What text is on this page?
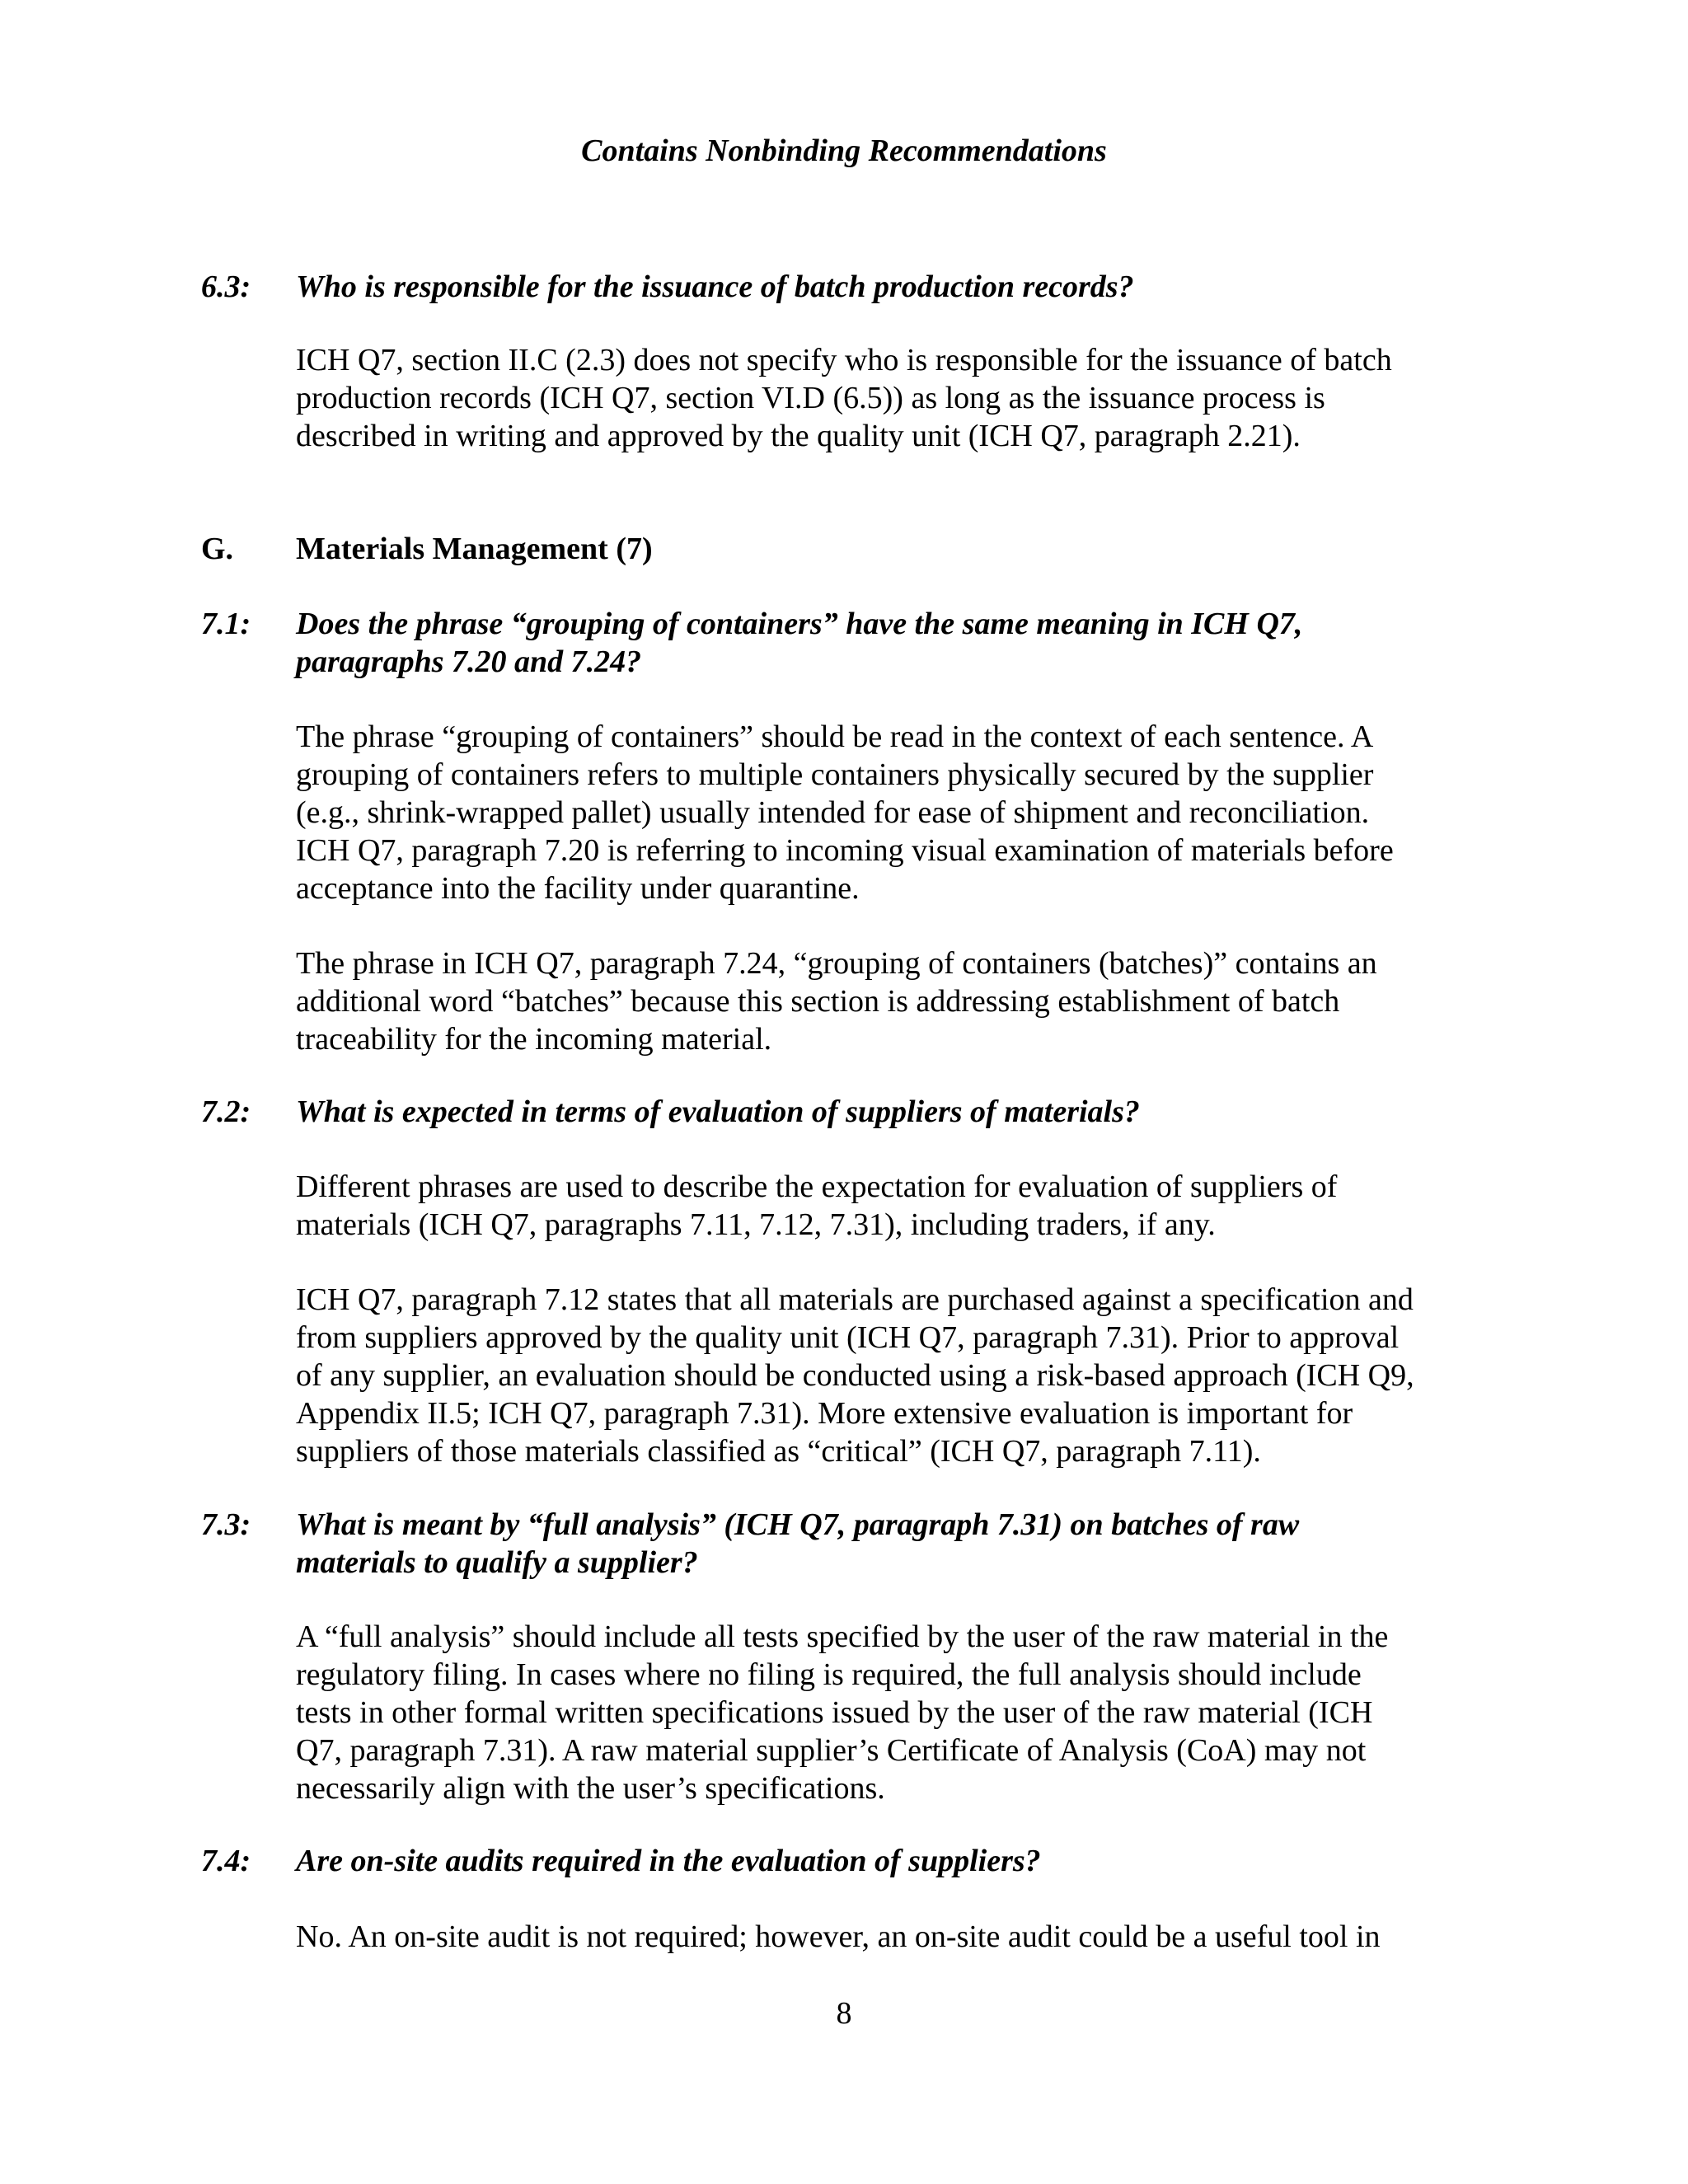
Contains Nonbinding Recommendations
6.3:	Who is responsible for the issuance of batch production records?
ICH Q7, section II.C (2.3) does not specify who is responsible for the issuance of batch
production records (ICH Q7, section VI.D (6.5)) as long as the issuance process is
described in writing and approved by the quality unit (ICH Q7, paragraph 2.21).
G. Materials Management (7)
7.1:	Does the phrase “grouping of containers” have the same meaning in ICH Q7,
paragraphs 7.20 and 7.24?
The phrase “grouping of containers” should be read in the context of each sentence. A
grouping of containers refers to multiple containers physically secured by the supplier
(e.g., shrink-wrapped pallet) usually intended for ease of shipment and reconciliation.
ICH Q7, paragraph 7.20 is referring to incoming visual examination of materials before
acceptance into the facility under quarantine.
The phrase in ICH Q7, paragraph 7.24, “grouping of containers (batches)” contains an
additional word “batches” because this section is addressing establishment of batch
traceability for the incoming material.
7.2:	What is expected in terms of evaluation of suppliers of materials?
Different phrases are used to describe the expectation for evaluation of suppliers of
materials (ICH Q7, paragraphs 7.11, 7.12, 7.31), including traders, if any.
ICH Q7, paragraph 7.12 states that all materials are purchased against a specification and
from suppliers approved by the quality unit (ICH Q7, paragraph 7.31). Prior to approval
of any supplier, an evaluation should be conducted using a risk-based approach (ICH Q9,
Appendix II.5; ICH Q7, paragraph 7.31). More extensive evaluation is important for
suppliers of those materials classified as “critical” (ICH Q7, paragraph 7.11).
7.3:	What is meant by “full analysis” (ICH Q7, paragraph 7.31) on batches of raw
materials to qualify a supplier?
A “full analysis” should include all tests specified by the user of the raw material in the
regulatory filing. In cases where no filing is required, the full analysis should include
tests in other formal written specifications issued by the user of the raw material (ICH
Q7, paragraph 7.31). A raw material supplier’s Certificate of Analysis (CoA) may not
necessarily align with the user’s specifications.
7.4:	Are on-site audits required in the evaluation of suppliers?
No. An on-site audit is not required; however, an on-site audit could be a useful tool in
8
